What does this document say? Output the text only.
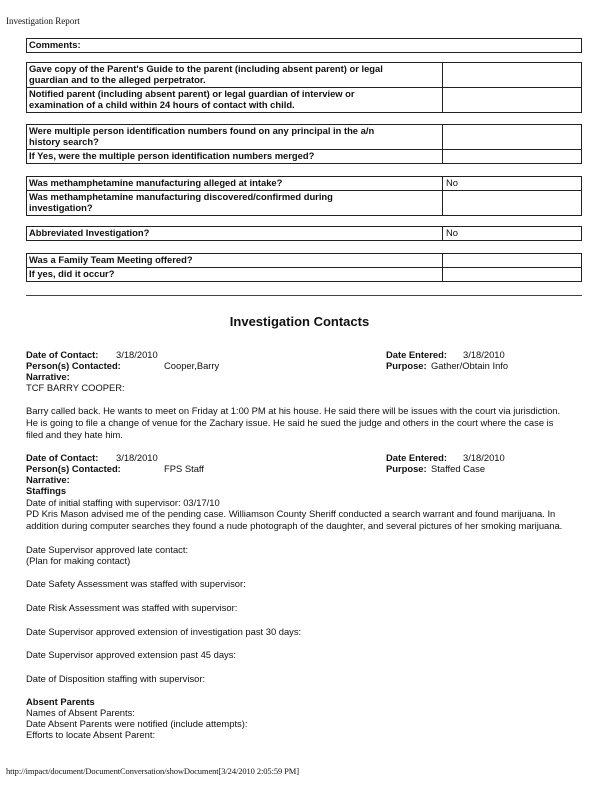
Investigation Report
Comments:
Gave copy of the Parent's Guide to the parent (including absent parent) or legal
guardian and to the alleged perpetrator.
Notified parent (including absent parent) or legal guardian of interview or
examination of a child within 24 hours of contact with child.
Were multiple person identification numbers found on any principal in the a/n
history search?
If Yes, were the multiple person identification numbers merged?
Was methamphetamine manufacturing alleged at intake?	No
Was methamphetamine manufacturing discovered/confirmed during
investigation?
Abbreviated Investigation?	No
Was a Family Team Meeting offered?
If yes, did it occur?
Investigation Contacts
Date of Contact: 3/18/2010
Person(s) Contacted:	Cooper,Barry
Date Entered: 3/18/2010
Purpose: Gather/Obtain Info
Narrative:
TCF BARRY COOPER:
Barry called back. He wants to meet on Friday at 1:00 PM at his house. He said there will be issues with the court via jurisdiction.
He is going to file a change of venue for the Zachary issue. He said he sued the judge and others in the court where the case is
filed and they hate him.
Date of Contact: 3/18/2010
Person(s) Contacted:	FPS Staff
Date Entered: 3/18/2010
Purpose: Staffed Case
Narrative:
Staffings
Date of initial staffing with supervisor: 03/17/10
PD Kris Mason advised me of the pending case. Williamson County Sheriff conducted a search warrant and found marijuana. In
addition during computer searches they found a nude photograph of the daughter, and several pictures of her smoking marijuana.
Date Supervisor approved late contact:
(Plan for making contact)
Date Safety Assessment was staffed with supervisor:
Date Risk Assessment was staffed with supervisor:
Date Supervisor approved extension of investigation past 30 days:
Date Supervisor approved extension past 45 days:
Date of Disposition staffing with supervisor:
Absent Parents
Names of Absent Parents:
Date Absent Parents were notified (include attempts):
Efforts to locate Absent Parent:
http://impact/document/DocumentConversation/showDocument[3/24/2010 2:05:59 PM]
